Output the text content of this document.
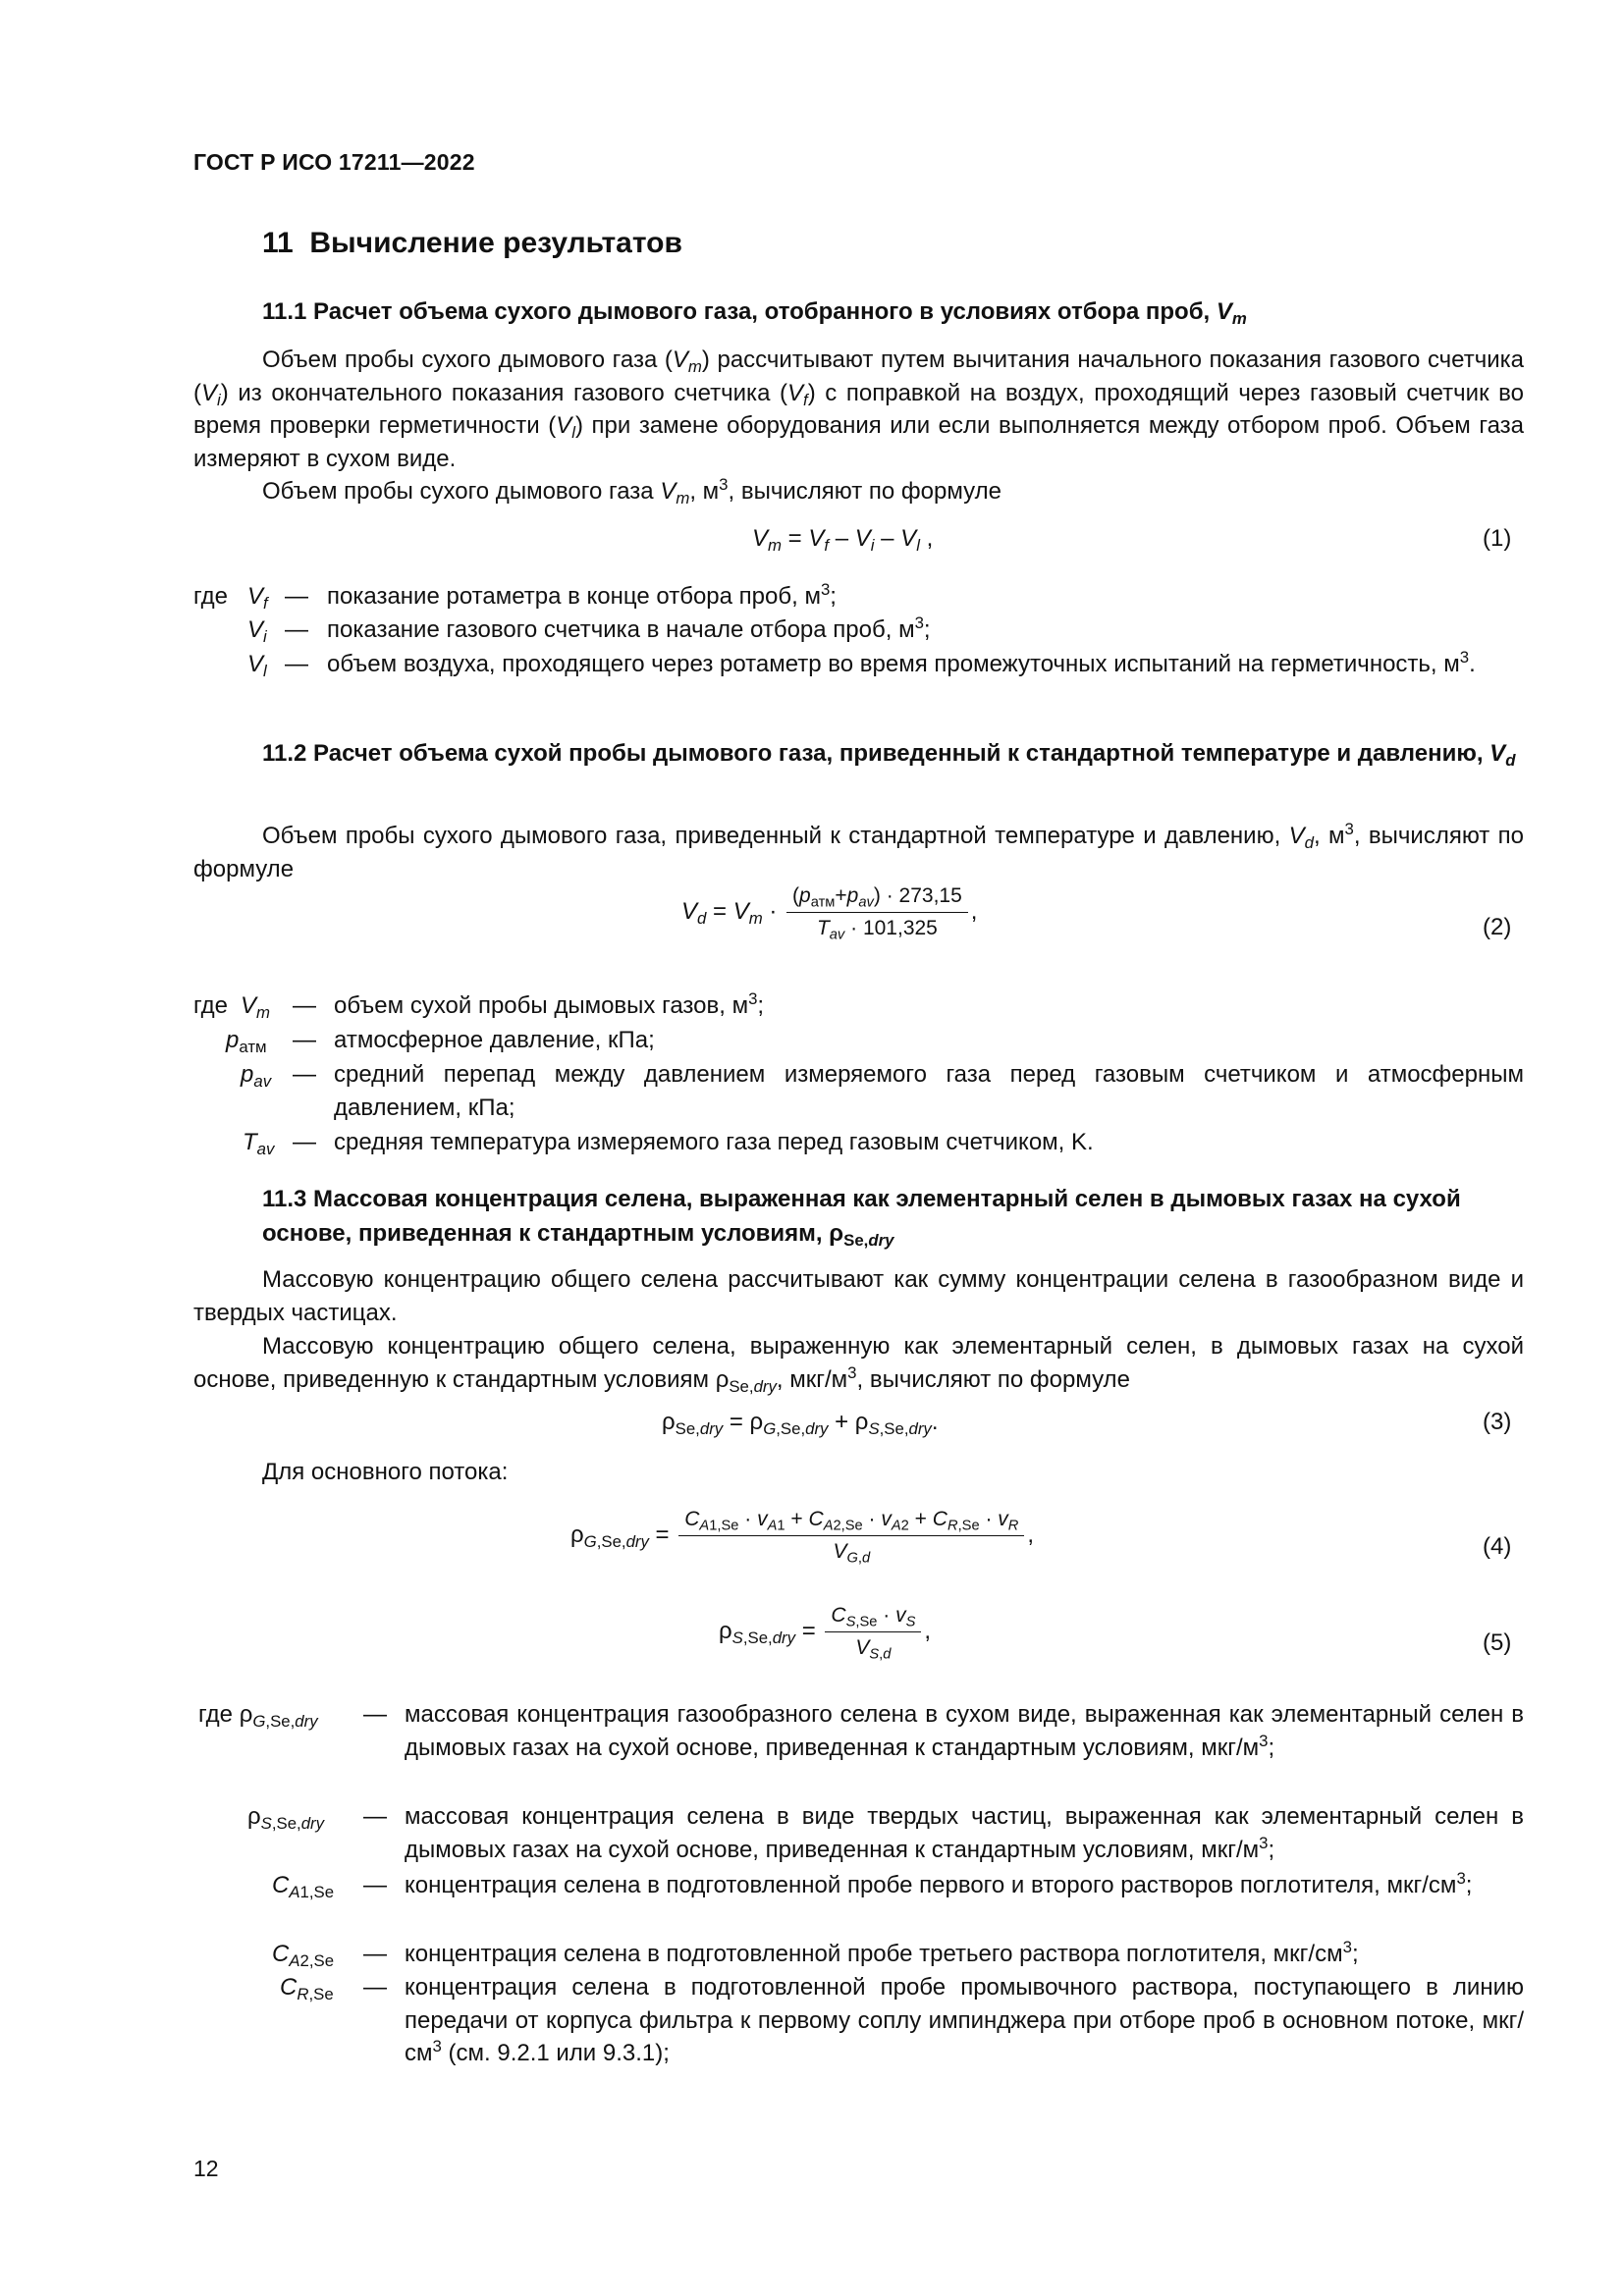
ГОСТ Р ИСО 17211—2022
11 Вычисление результатов
11.1 Расчет объема сухого дымового газа, отобранного в условиях отбора проб, $V_m$
Объем пробы сухого дымового газа $(V_m)$ рассчитывают путем вычитания начального показания газового счетчика $(V_i)$ из окончательного показания газового счетчика $(V_f)$ с поправкой на воздух, проходящий через газовый счетчик во время проверки герметичности $(V_l)$ при замене оборудования или если выполняется между отбором проб. Объем газа измеряют в сухом виде.
Объем пробы сухого дымового газа $V_m$, $м^3$, вычисляют по формуле
$V_m = V_f - V_i - V_l$ ,	(1)
где $V_f$ — показание ротаметра в конце отбора проб, $м^3$;
$V_i$ — показание газового счетчика в начале отбора проб, $м^3$;
$V_l$ — объем воздуха, проходящего через ротаметр во время промежуточных испытаний на герметичность, $м^3$.
11.2 Расчет объема сухой пробы дымового газа, приведенный к стандартной температуре и давлению, $V_d$
Объем пробы сухого дымового газа, приведенный к стандартной температуре и давлению, $V_d$, $м^3$, вычисляют по формуле
$V_d = V_m \cdot \frac{(p_{атм}+p_{av}) \cdot 273,15}{T_{av} \cdot 101,325}$ ,
(2)
где $V_m$ — объем сухой пробы дымовых газов, $м^3$;
$p_{атм}$ — атмосферное давление, кПа;
$p_{av}$ — средний перепад между давлением измеряемого газа перед газовым счетчиком и атмосферным давлением, кПа;
$T_{av}$ — средняя температура измеряемого газа перед газовым счетчиком, K.
11.3 Массовая концентрация селена, выраженная как элементарный селен в дымовых газах на сухой основе, приведенная к стандартным условиям, $\rho_{Se,dry}$
Массовую концентрацию общего селена рассчитывают как сумму концентрации селена в газообразном виде и твердых частицах.
Массовую концентрацию общего селена, выраженную как элементарный селен, в дымовых газах на сухой основе, приведенную к стандартным условиям $\rho_{Se,dry}$, мкг/$м^3$, вычисляют по формуле
$\rho_{Se,dry} = \rho_{G,Se,dry} + \rho_{S,Se,dry}$.	(3)
Для основного потока:
$\rho_{G,Se,dry} = \frac{C_{A1,Se} \cdot v_{A1} + C_{A2,Se} \cdot v_{A2} + C_{R,Se} \cdot v_R}{V_{G,d}}$ ,	(4)
$\rho_{S,Se,dry} = \frac{C_{S,Se} \cdot v_S}{V_{S,d}}$ ,	(5)
где $\rho_{G,Se,dry}$ — массовая концентрация газообразного селена в сухом виде, выраженная как элементарный селен в дымовых газах на сухой основе, приведенная к стандартным условиям, мкг/$м^3$;
$\rho_{S,Se,dry}$ — массовая концентрация селена в виде твердых частиц, выраженная как элементарный селен в дымовых газах на сухой основе, приведенная к стандартным условиям, мкг/$м^3$;
$C_{A1,Se}$ — концентрация селена в подготовленной пробе первого и второго растворов поглотителя, мкг/$см^3$;
$C_{A2,Se}$ — концентрация селена в подготовленной пробе третьего раствора поглотителя, мкг/$см^3$;
$C_{R,Se}$ — концентрация селена в подготовленной пробе промывочного раствора, поступающего в линию передачи от корпуса фильтра к первому соплу импинджера при отборе проб в основном потоке, мкг/$см^3$ (см. 9.2.1 или 9.3.1);
12
